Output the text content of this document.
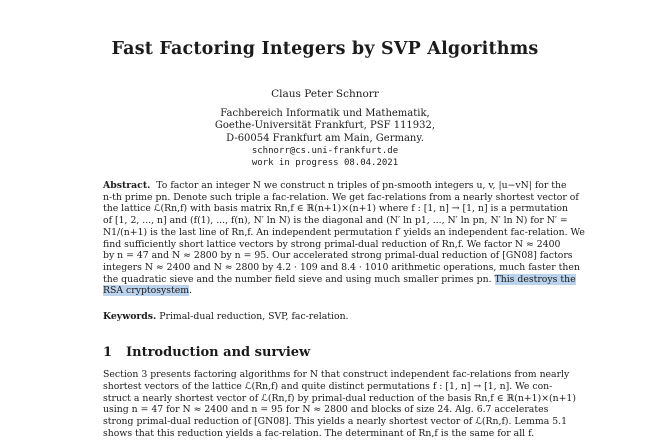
Fast Factoring Integers by SVP Algorithms
Claus Peter Schnorr
Fachbereich Informatik und Mathematik,
Goethe-Universität Frankfurt, PSF 111932,
D-60054 Frankfurt am Main, Germany.
schnorr@cs.uni-frankfurt.de
work in progress 08.04.2021
Abstract. To factor an integer N we construct n triples of pn-smooth integers u, v, |u−vN| for the
n-th prime pn. Denote such triple a fac-relation. We get fac-relations from a nearly shortest vector of
the lattice ℒ(Rn,f) with basis matrix Rn,f ∈ ℝ(n+1)×(n+1) where f : [1, n] → [1, n] is a permutation
of [1, 2, ..., n] and (f(1), ..., f(n), N′ ln N) is the diagonal and (N′ ln p1, ..., N′ ln pn, N′ ln N) for N′ =
N1/(n+1) is the last line of Rn,f. An independent permutation f′ yields an independent fac-relation. We
find sufficiently short lattice vectors by strong primal-dual reduction of Rn,f. We factor N ≈ 2400
by n = 47 and N ≈ 2800 by n = 95. Our accelerated strong primal-dual reduction of [GN08] factors
integers N ≈ 2400 and N ≈ 2800 by 4.2 · 109 and 8.4 · 1010 arithmetic operations, much faster then
the quadratic sieve and the number field sieve and using much smaller primes pn. This destroys the
RSA cryptosystem.
Keywords. Primal-dual reduction, SVP, fac-relation.
1 Introduction and surview
Section 3 presents factoring algorithms for N that construct independent fac-relations from nearly
shortest vectors of the lattice ℒ(Rn,f) and quite distinct permutations f : [1, n] → [1, n]. We con-
struct a nearly shortest vector of ℒ(Rn,f) by primal-dual reduction of the basis Rn,f ∈ ℝ(n+1)×(n+1)
using n = 47 for N ≈ 2400 and n = 95 for N ≈ 2800 and blocks of size 24. Alg. 6.7 accelerates
strong primal-dual reduction of [GN08]. This yields a nearly shortest vector of ℒ(Rn,f). Lemma 5.1
shows that this reduction yields a fac-relation. The determinant of Rn,f is the same for all f.
